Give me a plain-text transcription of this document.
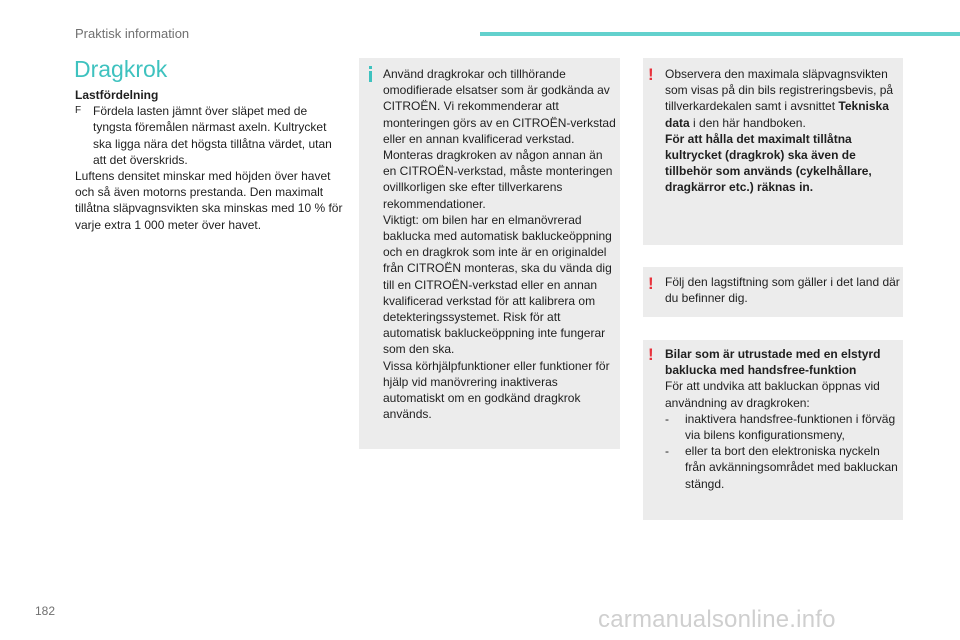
Praktisk information
Dragkrok

Lastfördelning

F Fördela lasten jämnt över släpet med de tyngsta föremålen närmast axeln. Kultrycket ska ligga nära det högsta tillåtna värdet, utan att det överskrids.

Luftens densitet minskar med höjden över havet och så även motorns prestanda. Den maximalt tillåtna släpvagnsvikten ska minskas med 10 % för varje extra 1 000 meter över havet.

Använd dragkrokar och tillhörande omodifierade elsatser som är godkända av CITROËN. Vi rekommenderar att monteringen görs av en CITROËN-verkstad eller en annan kvalificerad verkstad.

Monteras dragkroken av någon annan än en CITROËN-verkstad, måste monteringen ovillkorligen ske efter tillverkarens rekommendationer.

Viktigt: om bilen har en elmanövrerad baklucka med automatisk bakluckeöppning och en dragkrok som inte är en originaldel från CITROËN monteras, ska du vända dig till en CITROËN-verkstad eller en annan kvalificerad verkstad för att kalibrera om detekteringssystemet. Risk för att automatisk bakluckeöppning inte fungerar som den ska.

Vissa körhjälpfunktioner eller funktioner för hjälp vid manövrering inaktiveras automatiskt om en godkänd dragkrok används.

! Observera den maximala släpvagnsvikten som visas på din bils registreringsbevis, på tillverkardekalen samt i avsnittet Tekniska data i den här handboken.

För att hålla det maximalt tillåtna kultrycket (dragkrok) ska även de tillbehör som används (cykelhållare, dragkärror etc.) räknas in.

! Följ den lagstiftning som gäller i det land där du befinner dig.

! Bilar som är utrustade med en elstyrd baklucka med handsfree-funktion

För att undvika att bakluckan öppnas vid användning av dragkroken:

-	inaktivera handsfree-funktionen i förväg via bilens konfigurationsmeny,
-	eller ta bort den elektroniska nyckeln från avkänningsområdet med bakluckan stängd.
182	carmanualsonline.info
